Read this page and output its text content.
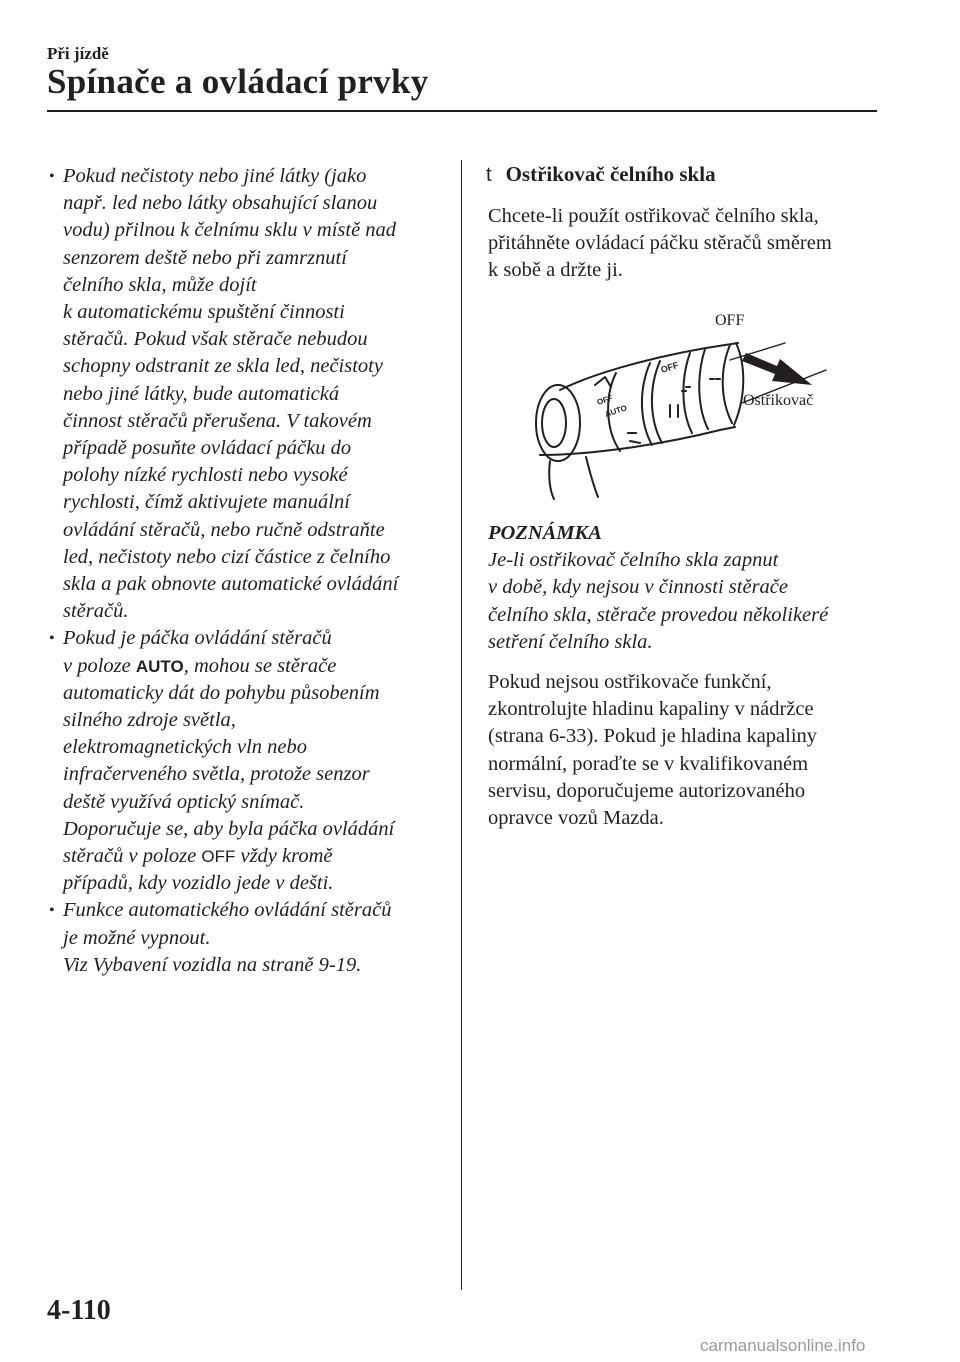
Při jízdě
Spínače a ovládací prvky
• Pokud nečistoty nebo jiné látky (jako
např. led nebo látky obsahující slanou
vodu) přilnou k čelnímu sklu v místě nad
senzorem deště nebo při zamrznutí
čelního skla, může dojít
k automatickému spuštění činnosti
stěračů. Pokud však stěrače nebudou
schopny odstranit ze skla led, nečistoty
nebo jiné látky, bude automatická
činnost stěračů přerušena. V takovém
případě posuňte ovládací páčku do
polohy nízké rychlosti nebo vysoké
rychlosti, čímž aktivujete manuální
ovládání stěračů, nebo ručně odstraňte
led, nečistoty nebo cizí částice z čelního
skla a pak obnovte automatické ovládání
stěračů.
• Pokud je páčka ovládání stěračů
v poloze AUTO, mohou se stěrače
automaticky dát do pohybu působením
silného zdroje světla,
elektromagnetických vln nebo
infračerveného světla, protože senzor
deště využívá optický snímač.
Doporučuje se, aby byla páčka ovládání
stěračů v poloze OFF vždy kromě
případů, kdy vozidlo jede v dešti.
• Funkce automatického ovládání stěračů
je možné vypnout.
Viz Vybavení vozidla na straně 9-19.
t Ostřikovač čelního skla
Chcete-li použít ostřikovač čelního skla,
přitáhněte ovládací páčku stěračů směrem
k sobě a držte ji.
OFF
OFF
AUTO
OFF
Ostřikovač
POZNÁMKA
Je-li ostřikovač čelního skla zapnut
v době, kdy nejsou v činnosti stěrače
čelního skla, stěrače provedou několikeré
setření čelního skla.
Pokud nejsou ostřikovače funkční,
zkontrolujte hladinu kapaliny v nádržce
(strana 6-33). Pokud je hladina kapaliny
normální, poraďte se v kvalifikovaném
servisu, doporučujeme autorizovaného
opravce vozů Mazda.
4-110
carmanualsonline.info
